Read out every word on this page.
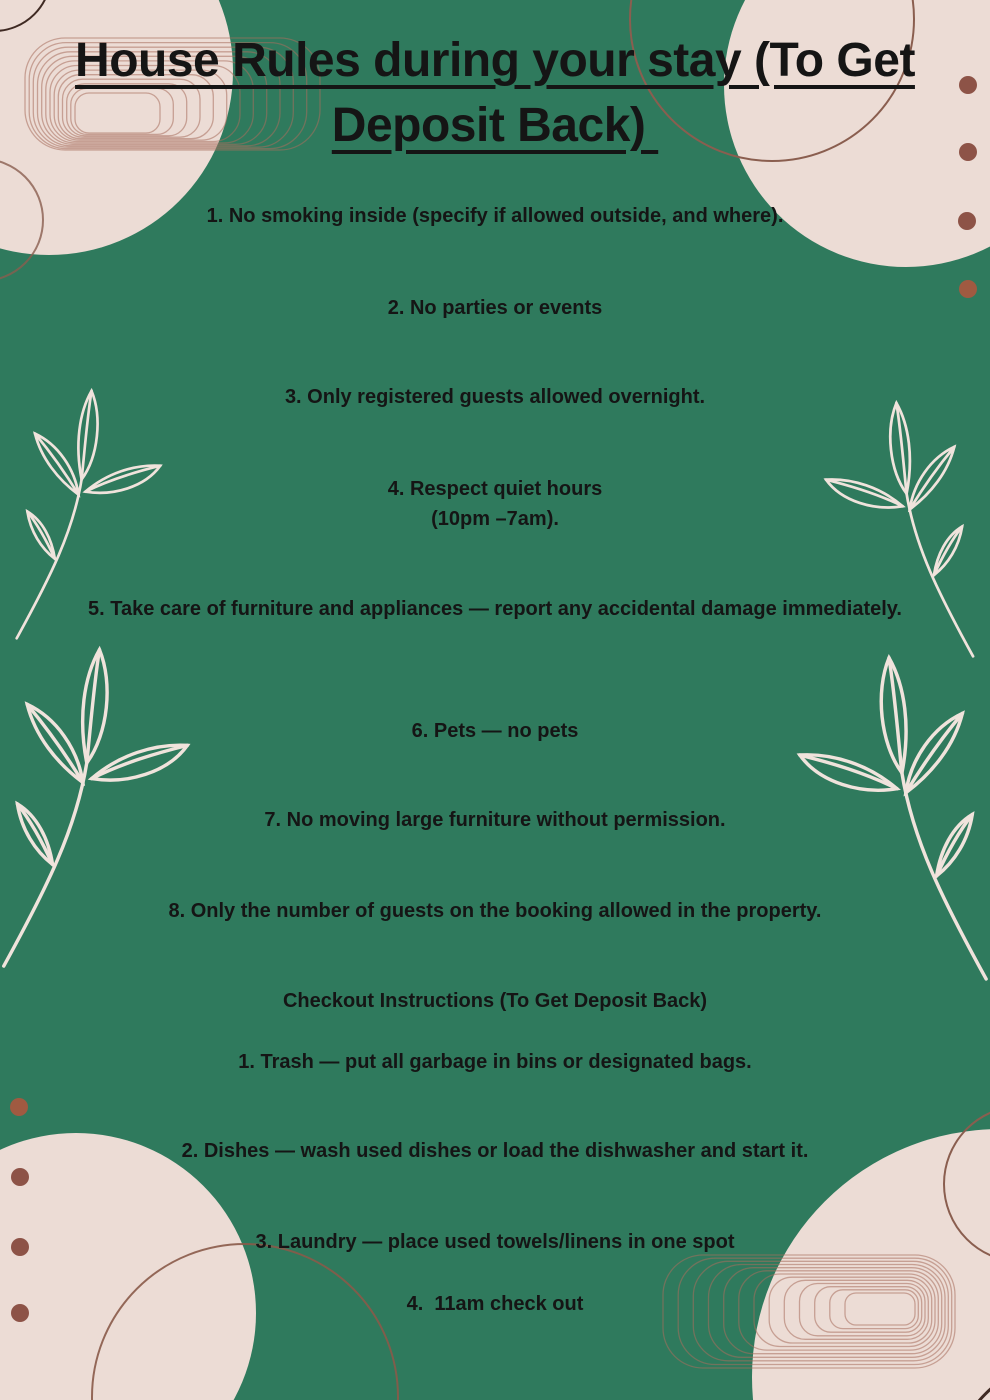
House Rules during your stay (To Get
Deposit Back)
1. No smoking inside (specify if allowed outside, and where).
2. No parties or events
3. Only registered guests allowed overnight.
4. Respect quiet hours
(10pm –7am).
5. Take care of furniture and appliances — report any accidental damage immediately.
6. Pets — no pets
7. No moving large furniture without permission.
8. Only the number of guests on the booking allowed in the property.
Checkout Instructions (To Get Deposit Back)
1. Trash — put all garbage in bins or designated bags.
2. Dishes — wash used dishes or load the dishwasher and start it.
3. Laundry — place used towels/linens in one spot
4.  11am check out
